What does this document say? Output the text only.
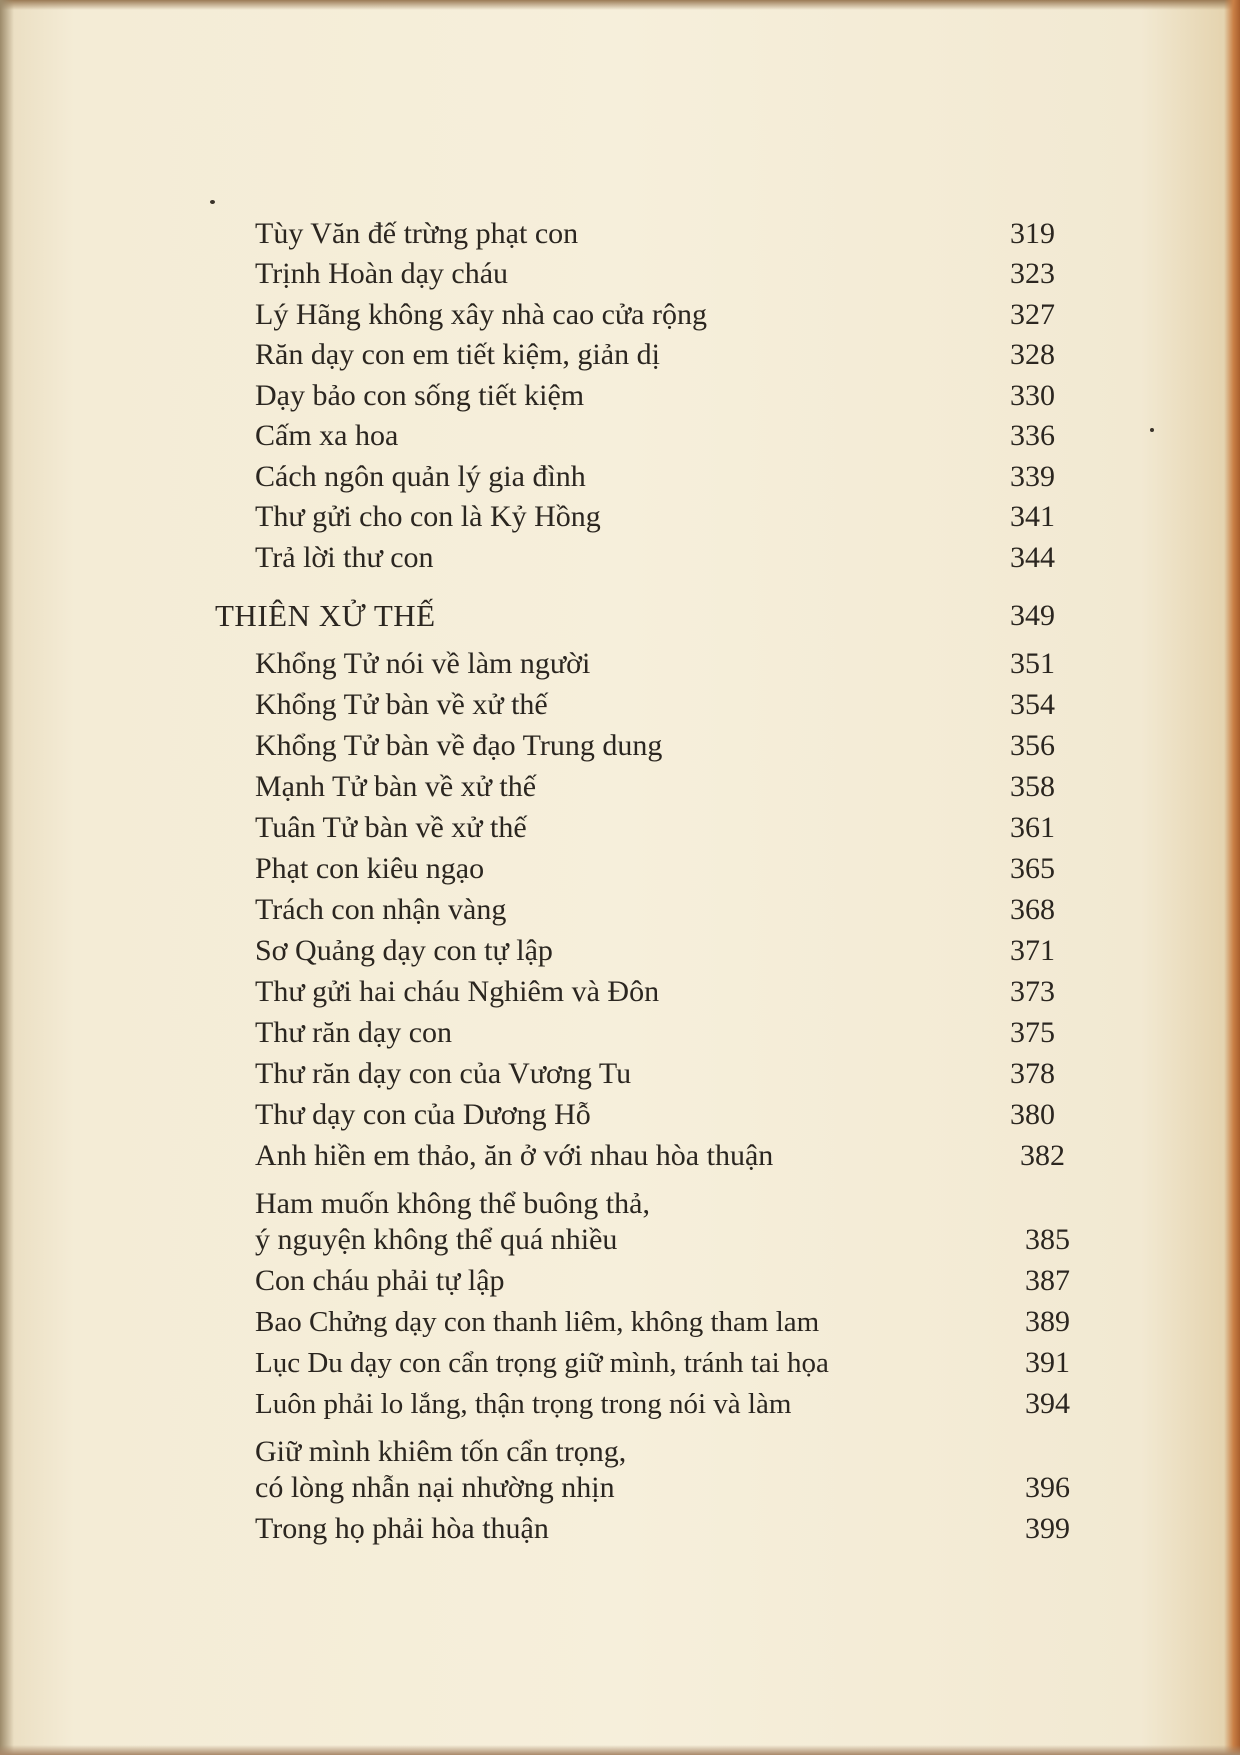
Tùy Văn đế trừng phạt con	319
Trịnh Hoàn dạy cháu	323
Lý Hãng không xây nhà cao cửa rộng	327
Răn dạy con em tiết kiệm, giản dị	328
Dạy bảo con sống tiết kiệm	330
Cấm xa hoa	336
Cách ngôn quản lý gia đình	339
Thư gửi cho con là Kỷ Hồng	341
Trả lời thư con	344
THIÊN XỬ THẾ	349
Khổng Tử nói về làm người	351
Khổng Tử bàn về xử thế	354
Khổng Tử bàn về đạo Trung dung	356
Mạnh Tử bàn về xử thế	358
Tuân Tử bàn về xử thế	361
Phạt con kiêu ngạo	365
Trách con nhận vàng	368
Sơ Quảng dạy con tự lập	371
Thư gửi hai cháu Nghiêm và Đôn	373
Thư răn dạy con	375
Thư răn dạy con của Vương Tu	378
Thư dạy con của Dương Hỗ	380
Anh hiền em thảo, ăn ở với nhau hòa thuận	382
Ham muốn không thể buông thả,
ý nguyện không thể quá nhiều	385
Con cháu phải tự lập	387
Bao Chửng dạy con thanh liêm, không tham lam	389
Lục Du dạy con cẩn trọng giữ mình, tránh tai họa	391
Luôn phải lo lắng, thận trọng trong nói và làm	394
Giữ mình khiêm tốn cẩn trọng,
có lòng nhẫn nại nhường nhịn	396
Trong họ phải hòa thuận	399
